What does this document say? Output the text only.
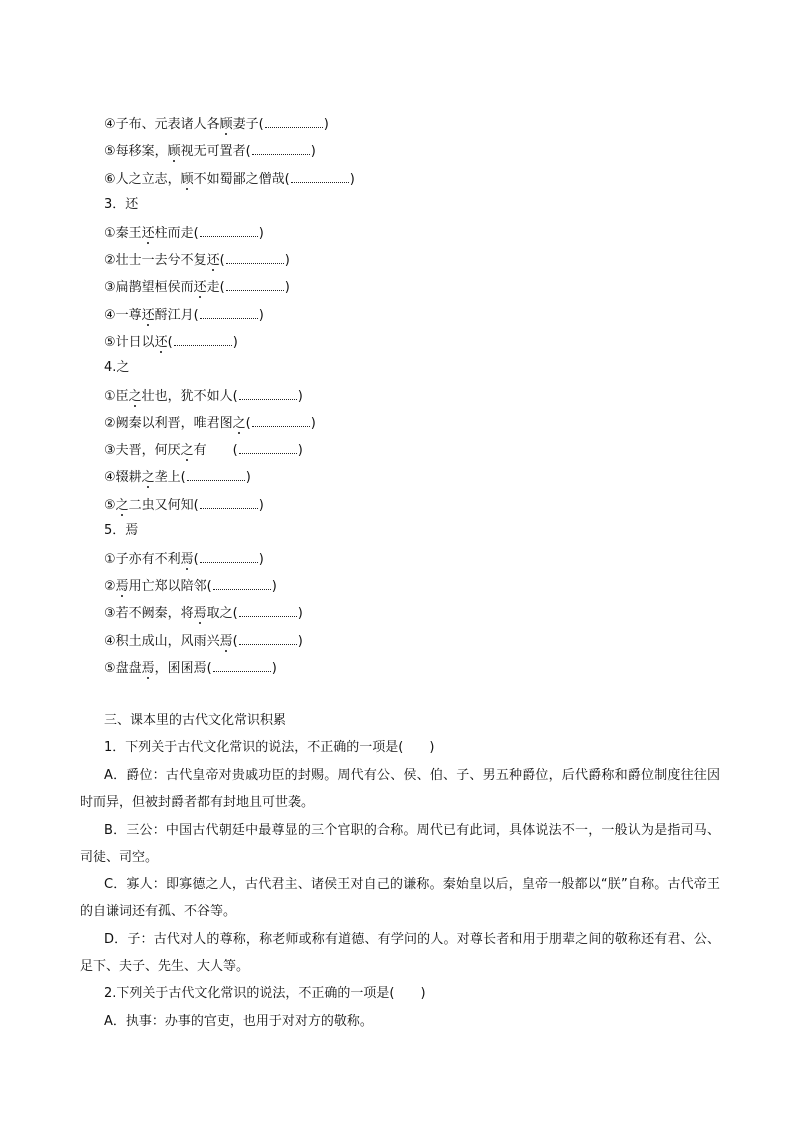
④子布、元表诸人各顾妻子(	)
⑤每移案，顾视无可置者(	)
⑥人之立志，顾不如蜀鄙之僧哉(	)
3．还
①秦王还柱而走(	)
②壮士一去兮不复还(	)
③扁鹊望桓侯而还走(	)
④一尊还酹江月(	)
⑤计日以还(	)
4.之
①臣之壮也，犹不如人(	)
②阙秦以利晋，唯君图之(	)
③夫晋，何厌之有　　(	)
④辍耕之垄上(	)
⑤之二虫又何知(	)
5．焉
①子亦有不利焉(	)
②焉用亡郑以陪邻(	)
③若不阙秦，将焉取之(	)
④积土成山，风雨兴焉(	)
⑤盘盘焉，囷囷焉(	)
三、课本里的古代文化常识积累
1．下列关于古代文化常识的说法，不正确的一项是(　　)
A．爵位：古代皇帝对贵戚功臣的封赐。周代有公、侯、伯、子、男五种爵位，后代爵称和爵位制度往往因时而异，但被封爵者都有封地且可世袭。
B．三公：中国古代朝廷中最尊显的三个官职的合称。周代已有此词，具体说法不一，一般认为是指司马、司徒、司空。
C．寡人：即寡德之人，古代君主、诸侯王对自己的谦称。秦始皇以后，皇帝一般都以“朕”自称。古代帝王的自谦词还有孤、不谷等。
D．子：古代对人的尊称，称老师或称有道德、有学问的人。对尊长者和用于朋辈之间的敬称还有君、公、足下、夫子、先生、大人等。
2.下列关于古代文化常识的说法，不正确的一项是(　　)
A．执事：办事的官吏，也用于对对方的敬称。
